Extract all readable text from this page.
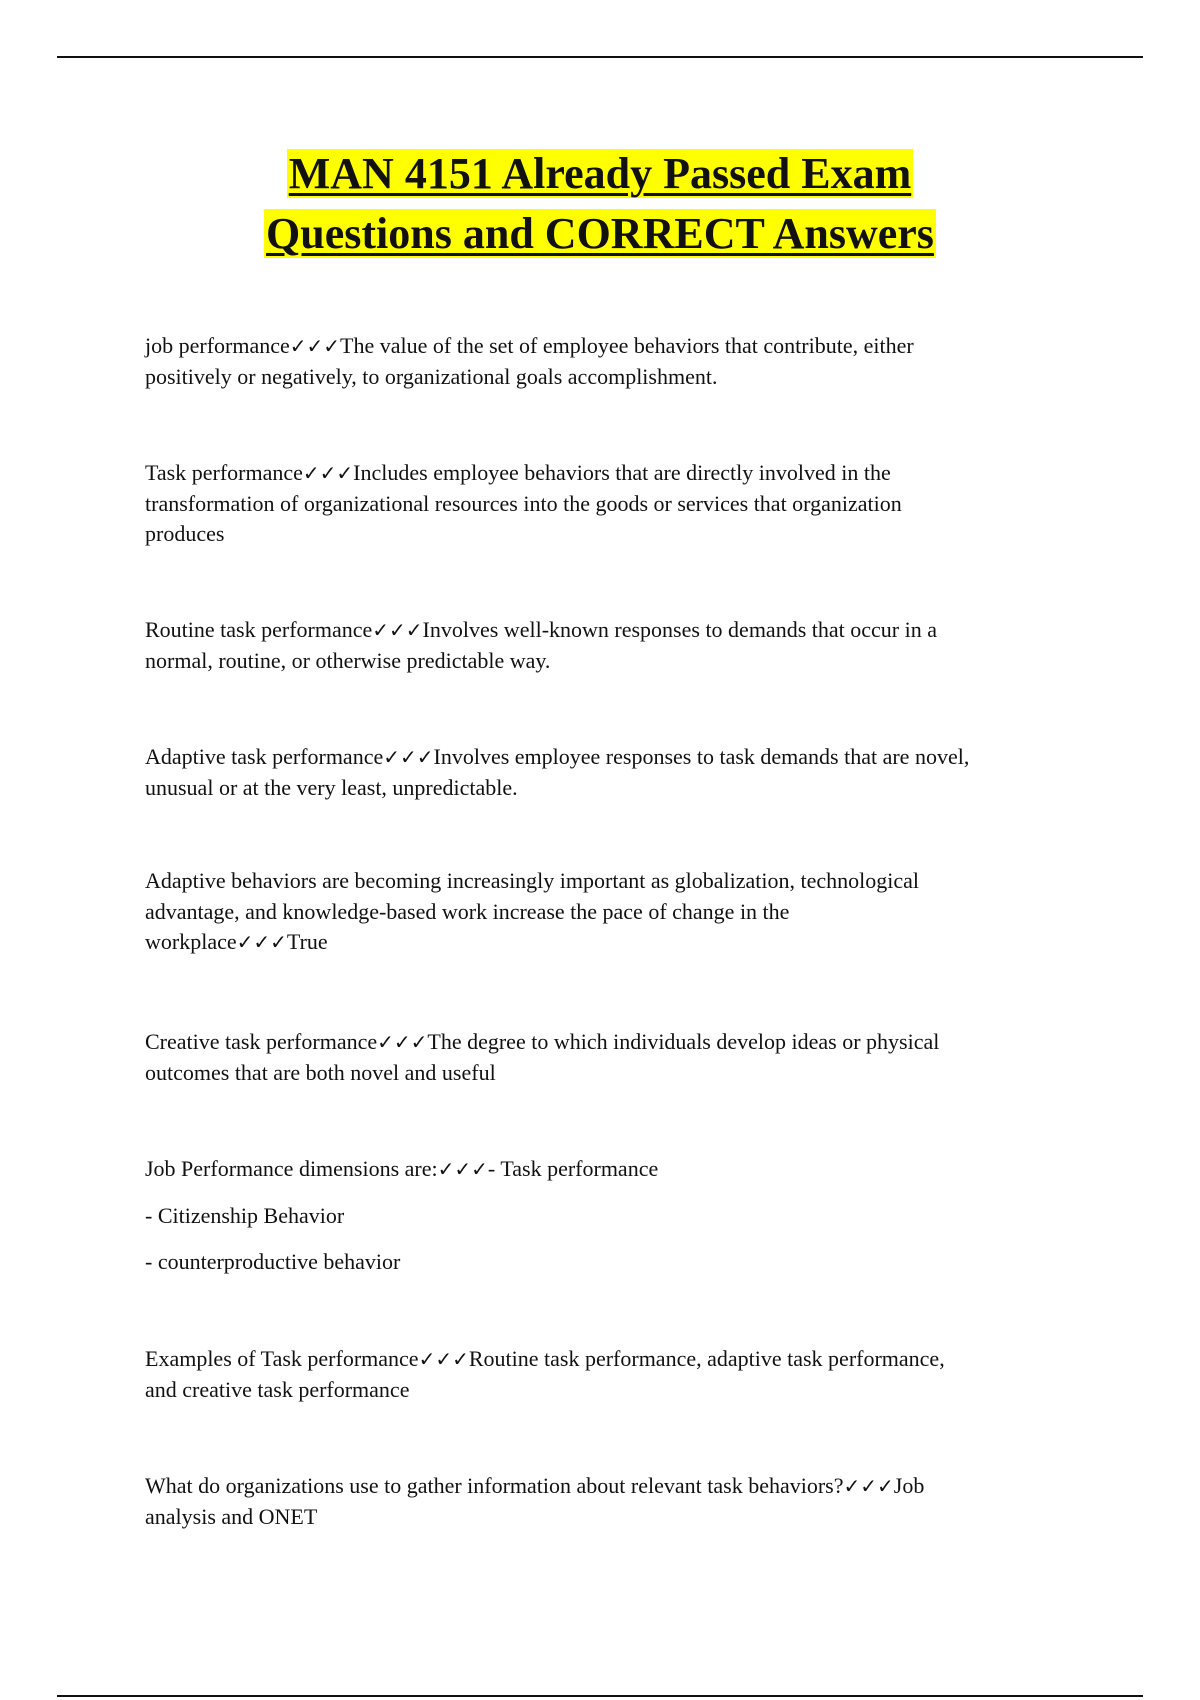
MAN 4151 Already Passed Exam
Questions and CORRECT Answers

job performance✓✓✓The value of the set of employee behaviors that contribute, either
positively or negatively, to organizational goals accomplishment.

Task performance✓✓✓Includes employee behaviors that are directly involved in the
transformation of organizational resources into the goods or services that organization
produces

Routine task performance✓✓✓Involves well-known responses to demands that occur in a
normal, routine, or otherwise predictable way.

Adaptive task performance✓✓✓Involves employee responses to task demands that are novel,
unusual or at the very least, unpredictable.

Adaptive behaviors are becoming increasingly important as globalization, technological
advantage, and knowledge-based work increase the pace of change in the
workplace✓✓✓True

Creative task performance✓✓✓The degree to which individuals develop ideas or physical
outcomes that are both novel and useful

Job Performance dimensions are:✓✓✓- Task performance

- Citizenship Behavior

- counterproductive behavior

Examples of Task performance✓✓✓Routine task performance, adaptive task performance,
and creative task performance

What do organizations use to gather information about relevant task behaviors?✓✓✓Job
analysis and ONET
